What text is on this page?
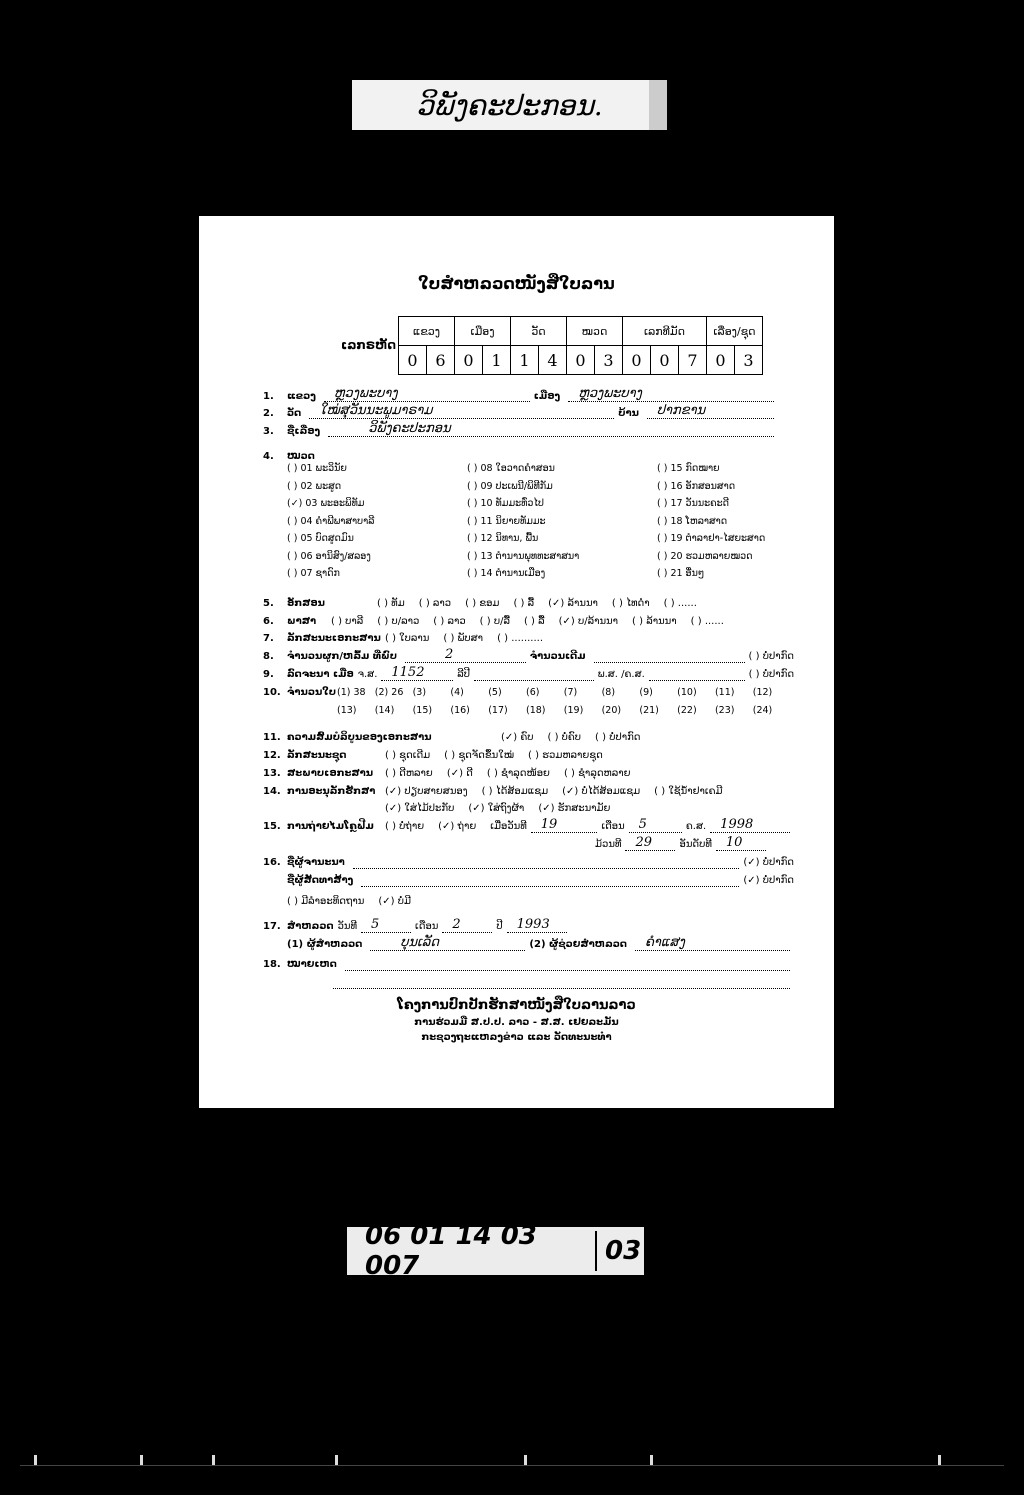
ວິພັງຄະປະກອນ.
ໃບສຳຫລວດໜັງສືໃບລານ
ເລກຣຫັດ
ແຂວງ		ເມືອງ		ວັດ		ໝວດ		ເລກທີມັດ			ເລື່ອງ/ຊຸດ	
0	6	0	1	1	4	0	3	0	0	7	0	3
1.	ແຂວງ ຫຼວງພະບາງ	ເມືອງ ຫຼວງພະບາງ
2.	ວັດ ໃໝ່ສຸວັນນະພູມາຣາມ	ບ້ານ ປາກຂານ
3.	ຊື່ເລື່ອງ	ວິພັງຄະປະກອນ
4.	ໝວດ
( ) 01 ພະວິນັຍ	( ) 08 ໃອວາດຄຳສອນ	( ) 15 ກົດໝາຍ
( ) 02 ພະສູດ	( ) 09 ປະເພນີ/ພິທີກັມ	( ) 16 ອັກສອນສາດ
(✓) 03 ພະອະພິທັມ	( ) 10 ທັມມະທົ່ວໄປ	( ) 17 ວັນນະຄະດີ
( ) 04 ຄຳພີພາສາບາລີ	( ) 11 ນິຍາຍທັມມະ	( ) 18 ໂຫລາສາດ
( ) 05 ບົດສູດມົນ	( ) 12 ນິທານ, ພື້ນ	( ) 19 ຕຳລາຢາ-ໄສຍະສາດ
( ) 06 ອານິສົງ/ສລອງ	( ) 13 ຕຳນານພຸທທະສາສນາ	( ) 20 ຮວມຫລາຍໝວດ
( ) 07 ຊາດົກ	( ) 14 ຕຳນານເມືອງ	( ) 21 ອື່ນໆ
5.	ອັກສອນ	( ) ທັມ ( ) ລາວ ( ) ຂອມ ( ) ລື້ (✓) ລ້ານນາ ( ) ໄທດຳ ( ) ......
6.	ພາສາ	( ) ບາລີ ( ) ບ/ລາວ ( ) ລາວ ( ) ບ/ລື້ ( ) ລື້ (✓) ບ/ລ້ານນາ ( ) ລ້ານນາ ( ) ......
7.	ລັກສະນະເອກະສານ ( ) ໃບລານ ( ) ພັບສາ ( ) ..........
8.	ຈຳນວນຜູກ/ຫລົ້ມ ທີ່ພົບ	2	ຈຳນວນເດີມ	( ) ບໍ່ປາກົດ
9.	ລົດຈະນາ ເມື່ອ ຈ.ສ. 1152	ລີປີ	ພ.ສ. /ຄ.ສ.	( ) ບໍ່ປາກົດ
10. ຈຳນວນໃບ (1) 38 (2) 26 (3)	(4)	(5)	(6)	(7)	(8)	(9)	(10)	(11)	(12)
(13)	(14)	(15)	(16)	(17)	(18)	(19)	(20)	(21)	(22)	(23)	(24)
11. ຄວາມສົມບໍລິບູນຂອງເອກະສານ	(✓) ຄົບ ( ) ບໍ່ຄົບ ( ) ບໍ່ປາກົດ
12. ລັກສະນະຊຸດ	( ) ຊຸດເດີມ ( ) ຊຸດຈັດຂຶ້ນໃໝ່ ( ) ຮວມຫລາຍຊຸດ
13. ສະພາບເອກະສານ	( ) ດີຫລາຍ (✓) ດີ ( ) ຊຳລຸດໜ້ອຍ ( ) ຊຳລຸດຫລາຍ
14. ການອະນຸລັກຮັກສາ (✓) ປຽບສາຍສນອງ ( ) ໄດ້ສ້ອມແຊມ (✓) ບໍ່ໄດ້ສ້ອມແຊມ ( ) ໃຊ້ນ້ຳຢາເຄມີ
(✓) ໃສ່ໄມ້ປະກັບ (✓) ໃສ່ຖົງຜ້າ (✓) ຮັກສະນາມັຍ
15. ການຖ່າຍໄມໂຄຼຟີມ	( ) ບໍ່ຖ່າຍ (✓) ຖ່າຍ	ເມື່ອວັນທີ 19	ເດືອນ 5	ຄ.ສ. 1998
ມ້ວນທີ 29	ອັນດັບທີ 10
16. ຊື່ຜູ້ຈານະນາ	(✓) ບໍ່ປາກົດ
ຊື່ຜູ້ສັດທາສ້າງ	(✓) ບໍ່ປາກົດ
( ) ມີລຳອະທິດຖານ (✓) ບໍ່ມີ
17. ສຳຫລວດ ວັນທີ 5	ເດືອນ 2	ປີ 1993
(1) ຜູ້ສຳຫລວດ	ບຸນເລັດ	(2) ຜູ້ຊ່ວຍສຳຫລວດ ຄຳແສງ
18. ໝາຍເຫດ
ໂຄງການປົກປັກຮັກສາໜັງສືໃບລານລາວ
ການຮ່ວມມື ສ.ປ.ປ. ລາວ - ສ.ສ. ເຢຍລະມັນ
ກະຊວງຖະແຫລງຂ່າວ ແລະ ວັດທະນະທຳ
06 01 14 03 007	03
